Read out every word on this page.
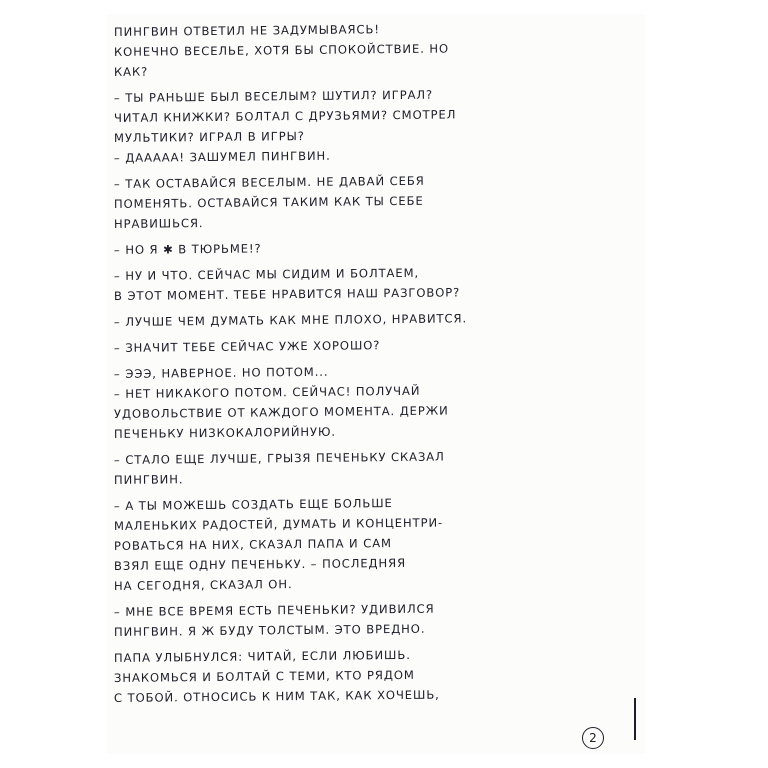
ПИНГВИН ОТВЕТИЛ НЕ ЗАДУМЫВАЯСЬ!
КОНЕЧНО ВЕСЕЛЬЕ, ХОТЯ БЫ СПОКОЙСТВИЕ. НО
КАК?
– ТЫ РАНЬШЕ БЫЛ ВЕСЕЛЫМ? ШУТИЛ? ИГРАЛ?
ЧИТАЛ КНИЖКИ? БОЛТАЛ С ДРУЗЬЯМИ? СМОТРЕЛ
МУЛЬТИКИ? ИГРАЛ В ИГРЫ?
– ДААААА! ЗАШУМЕЛ ПИНГВИН.
– ТАК ОСТАВАЙСЯ ВЕСЕЛЫМ. НЕ ДАВАЙ СЕБЯ
ПОМЕНЯТЬ. ОСТАВАЙСЯ ТАКИМ КАК ТЫ СЕБЕ
НРАВИШЬСЯ.
– НО Я ✱ В ТЮРЬМЕ!?
– НУ И ЧТО. СЕЙЧАС МЫ СИДИМ И БОЛТАЕМ,
В ЭТОТ МОМЕНТ. ТЕБЕ НРАВИТСЯ НАШ РАЗГОВОР?
– ЛУЧШЕ ЧЕМ ДУМАТЬ КАК МНЕ ПЛОХО, НРАВИТСЯ.
– ЗНАЧИТ ТЕБЕ СЕЙЧАС УЖЕ ХОРОШО?
– ЭЭЭ, НАВЕРНОЕ. НО ПОТОМ...
– НЕТ НИКАКОГО ПОТОМ. СЕЙЧАС! ПОЛУЧАЙ
УДОВОЛЬСТВИЕ ОТ КАЖДОГО МОМЕНТА. ДЕРЖИ
ПЕЧЕНЬКУ НИЗКОКАЛОРИЙНУЮ.
– СТАЛО ЕЩЕ ЛУЧШЕ, ГРЫЗЯ ПЕЧЕНЬКУ СКАЗАЛ
ПИНГВИН.
– А ТЫ МОЖЕШЬ СОЗДАТЬ ЕЩЕ БОЛЬШЕ
МАЛЕНЬКИХ РАДОСТЕЙ, ДУМАТЬ И КОНЦЕНТРИ-
РОВАТЬСЯ НА НИХ, СКАЗАЛ ПАПА И САМ
ВЗЯЛ ЕЩЕ ОДНУ ПЕЧЕНЬКУ. – ПОСЛЕДНЯЯ
НА СЕГОДНЯ, СКАЗАЛ ОН.
– МНЕ ВСЕ ВРЕМЯ ЕСТЬ ПЕЧЕНЬКИ? УДИВИЛСЯ
ПИНГВИН. Я Ж БУДУ ТОЛСТЫМ. ЭТО ВРЕДНО.
ПАПА УЛЫБНУЛСЯ: ЧИТАЙ, ЕСЛИ ЛЮБИШЬ.
ЗНАКОМЬСЯ И БОЛТАЙ С ТЕМИ, КТО РЯДОМ
С ТОБОЙ. ОТНОСИСЬ К НИМ ТАК, КАК ХОЧЕШЬ,
2
